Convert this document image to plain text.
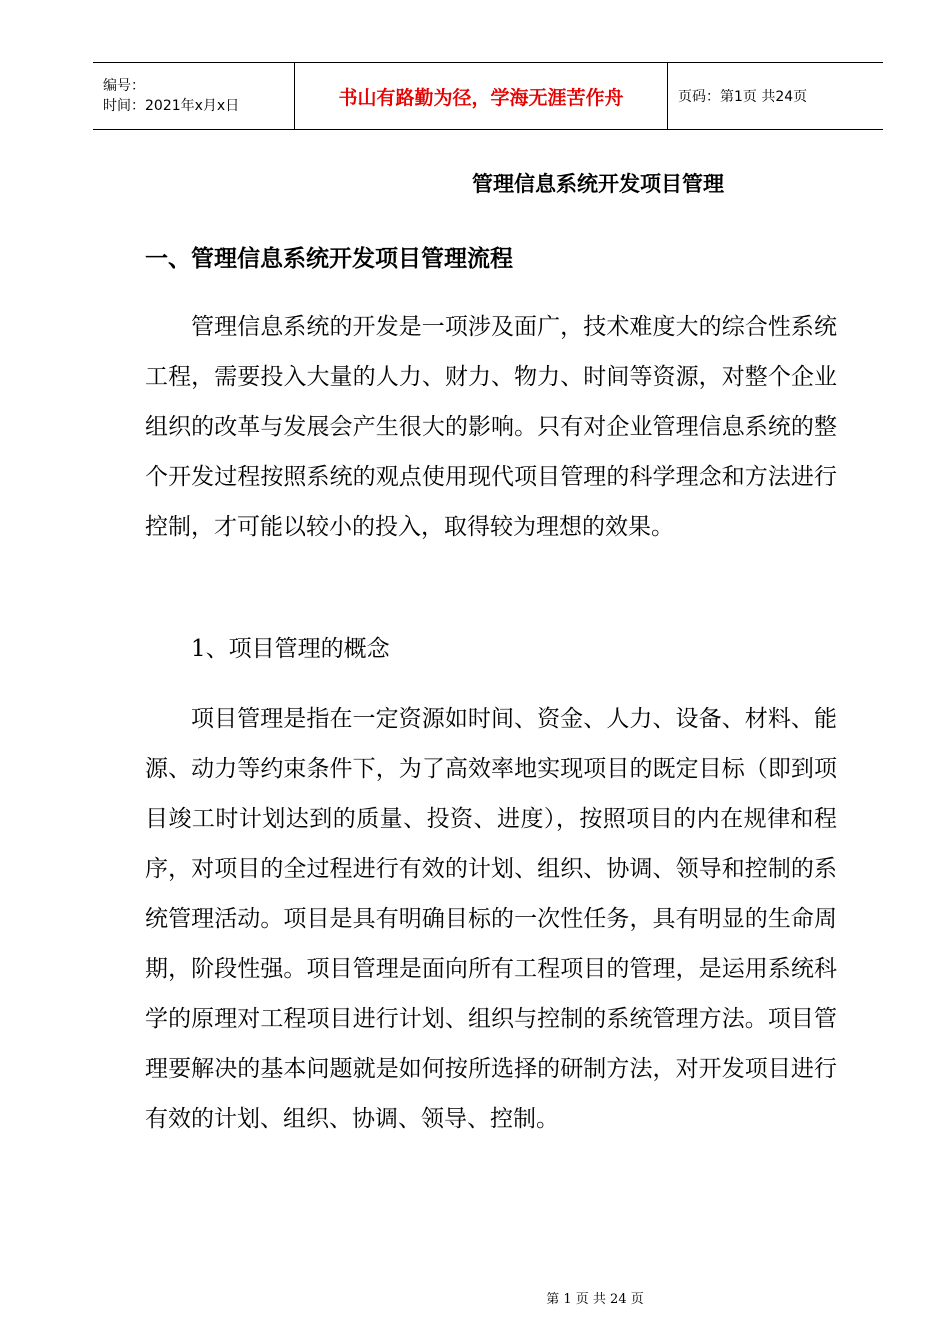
编号：
时间：2021年x月x日	书山有路勤为径，学海无涯苦作舟	页码：第1页 共24页
管理信息系统开发项目管理
一、管理信息系统开发项目管理流程

管理信息系统的开发是一项涉及面广，技术难度大的综合性系统工程，需要投入大量的人力、财力、物力、时间等资源，对整个企业组织的改革与发展会产生很大的影响。只有对企业管理信息系统的整个开发过程按照系统的观点使用现代项目管理的科学理念和方法进行控制，才可能以较小的投入，取得较为理想的效果。

1、项目管理的概念

项目管理是指在一定资源如时间、资金、人力、设备、材料、能源、动力等约束条件下，为了高效率地实现项目的既定目标（即到项目竣工时计划达到的质量、投资、进度），按照项目的内在规律和程序，对项目的全过程进行有效的计划、组织、协调、领导和控制的系统管理活动。项目是具有明确目标的一次性任务，具有明显的生命周期，阶段性强。项目管理是面向所有工程项目的管理，是运用系统科学的原理对工程项目进行计划、组织与控制的系统管理方法。项目管理要解决的基本问题就是如何按所选择的研制方法，对开发项目进行有效的计划、组织、协调、领导、控制。

第 1 页 共 24 页
